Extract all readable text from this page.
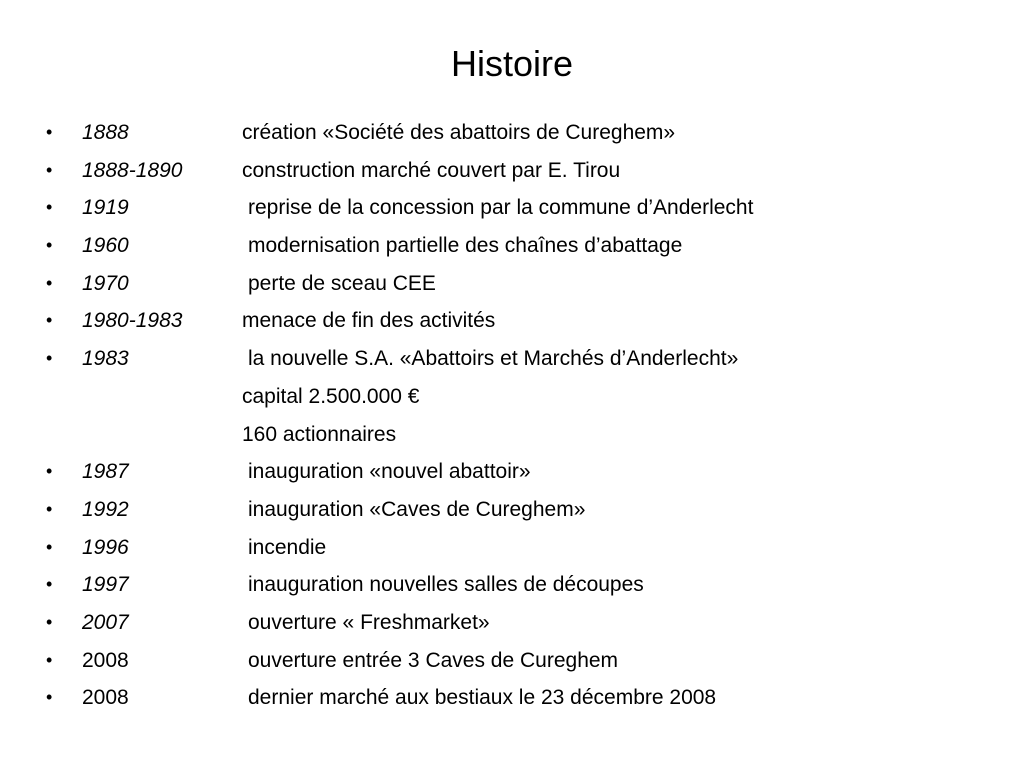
Histoire
•	1888	création «Société des abattoirs de Cureghem»
•	1888-1890	construction marché couvert par E. Tirou
•	1919	reprise de la concession par la commune d’Anderlecht
•	1960	modernisation partielle des chaînes d’abattage
•	1970	perte de sceau CEE
•	1980-1983	menace de fin des activités
•	1983	la nouvelle S.A. «Abattoirs et Marchés d’Anderlecht»
capital 2.500.000 €
160 actionnaires
•	1987	inauguration «nouvel abattoir»
•	1992	inauguration «Caves de Cureghem»
•	1996	incendie
•	1997	inauguration nouvelles salles de découpes
•	2007	ouverture « Freshmarket»
•	2008	ouverture entrée 3 Caves de Cureghem
•	2008	dernier marché aux bestiaux le 23 décembre 2008
